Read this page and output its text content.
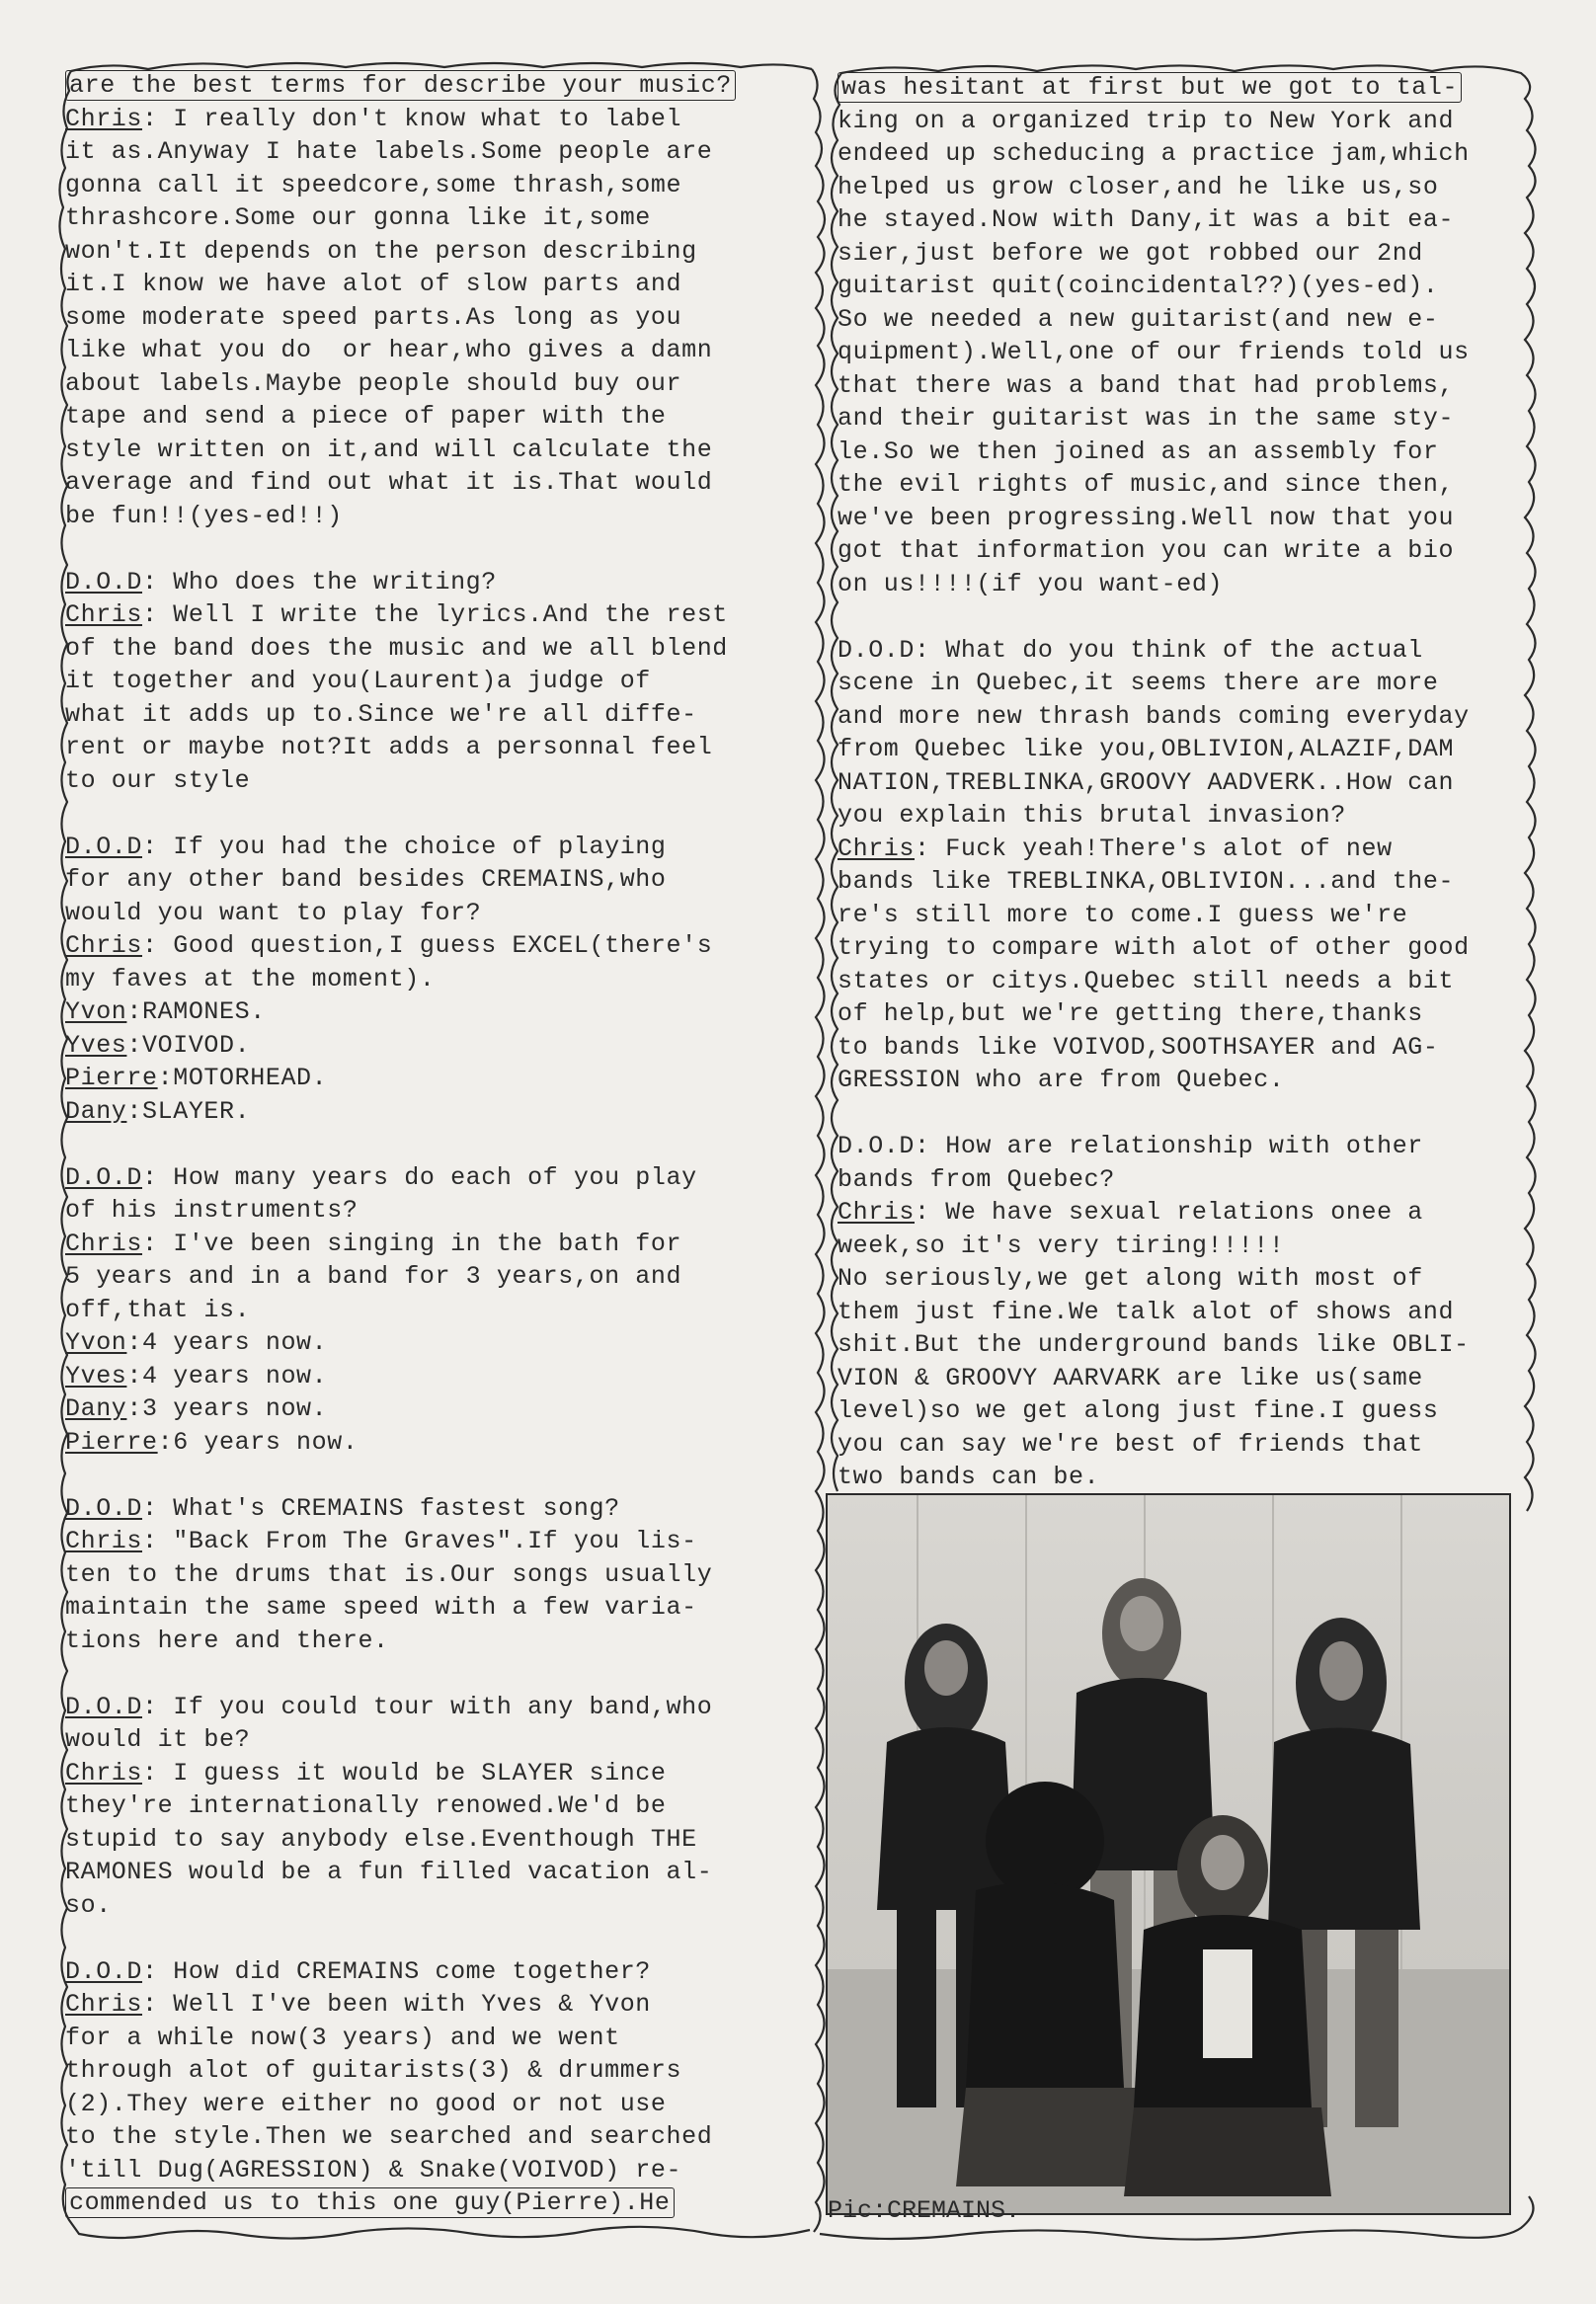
are the best terms for describe your music?
Chris: I really don't know what to label
it as.Anyway I hate labels.Some people are
gonna call it speedcore,some thrash,some
thrashcore.Some our gonna like it,some
won't.It depends on the person describing
it.I know we have alot of slow parts and
some moderate speed parts.As long as you
like what you do  or hear,who gives a damn
about labels.Maybe people should buy our
tape and send a piece of paper with the
style written on it,and will calculate the
average and find out what it is.That would
be fun!!(yes-ed!!)
D.O.D: Who does the writing?
Chris: Well I write the lyrics.And the rest
of the band does the music and we all blend
it together and you(Laurent)a judge of
what it adds up to.Since we're all diffe-
rent or maybe not?It adds a personnal feel
to our style
D.O.D: If you had the choice of playing
for any other band besides CREMAINS,who
would you want to play for?
Chris: Good question,I guess EXCEL(there's
my faves at the moment).
Yvon:RAMONES.
Yves:VOIVOD.
Pierre:MOTORHEAD.
Dany:SLAYER.
D.O.D: How many years do each of you play
of his instruments?
Chris: I've been singing in the bath for
5 years and in a band for 3 years,on and
off,that is.
Yvon:4 years now.
Yves:4 years now.
Dany:3 years now.
Pierre:6 years now.
D.O.D: What's CREMAINS fastest song?
Chris: "Back From The Graves".If you lis-
ten to the drums that is.Our songs usually
maintain the same speed with a few varia-
tions here and there.
D.O.D: If you could tour with any band,who
would it be?
Chris: I guess it would be SLAYER since
they're internationally renowed.We'd be
stupid to say anybody else.Eventhough THE
RAMONES would be a fun filled vacation al-
so.
D.O.D: How did CREMAINS come together?
Chris: Well I've been with Yves & Yvon
for a while now(3 years) and we went
through alot of guitarists(3) & drummers
(2).They were either no good or not use
to the style.Then we searched and searched
'till Dug(AGRESSION) & Snake(VOIVOD) re-
commended us to this one guy(Pierre).He
was hesitant at first but we got to tal-
king on a organized trip to New York and
endeed up scheducing a practice jam,which
helped us grow closer,and he like us,so
he stayed.Now with Dany,it was a bit ea-
sier,just before we got robbed our 2nd
guitarist quit(coincidental??)(yes-ed).
So we needed a new guitarist(and new e-
quipment).Well,one of our friends told us
that there was a band that had problems,
and their guitarist was in the same sty-
le.So we then joined as an assembly for
the evil rights of music,and since then,
we've been progressing.Well now that you
got that information you can write a bio
on us!!!!(if you want-ed)
D.O.D: What do you think of the actual
scene in Quebec,it seems there are more
and more new thrash bands coming everyday
from Quebec like you,OBLIVION,ALAZIF,DAM
NATION,TREBLINKA,GROOVY AADVERK..How can
you explain this brutal invasion?
Chris: Fuck yeah!There's alot of new
bands like TREBLINKA,OBLIVION...and the-
re's still more to come.I guess we're
trying to compare with alot of other good
states or citys.Quebec still needs a bit
of help,but we're getting there,thanks
to bands like VOIVOD,SOOTHSAYER and AG-
GRESSION who are from Quebec.
D.O.D: How are relationship with other
bands from Quebec?
Chris: We have sexual relations onee a
week,so it's very tiring!!!!!
No seriously,we get along with most of
them just fine.We talk alot of shows and
shit.But the underground bands like OBLI-
VION & GROOVY AARVARK are like us(same
level)so we get along just fine.I guess
you can say we're best of friends that
two bands can be.
Pic:CREMAINS.
